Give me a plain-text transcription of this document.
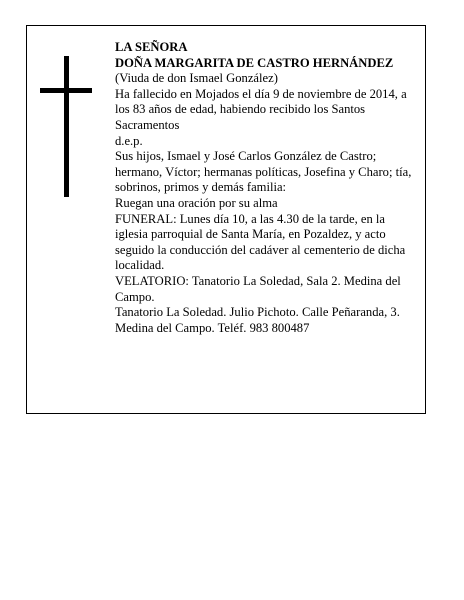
LA SEÑORA

DOÑA MARGARITA DE CASTRO HERNÁNDEZ

(Viuda de don Ismael González)

Ha fallecido en Mojados el día 9 de noviembre de 2014, a los 83 años de edad, habiendo recibido los Santos Sacramentos

d.e.p.

Sus hijos, Ismael y José Carlos González de Castro; hermano, Víctor; hermanas políticas, Josefina y Charo; tía, sobrinos, primos y demás familia:

Ruegan una oración por su alma

FUNERAL: Lunes día 10, a las 4.30 de la tarde, en la iglesia parroquial de Santa María, en Pozaldez, y acto seguido la conducción del cadáver al cementerio de dicha localidad.

VELATORIO: Tanatorio La Soledad, Sala 2. Medina del Campo.

Tanatorio La Soledad. Julio Pichoto. Calle Peñaranda, 3. Medina del Campo. Teléf. 983 800487
